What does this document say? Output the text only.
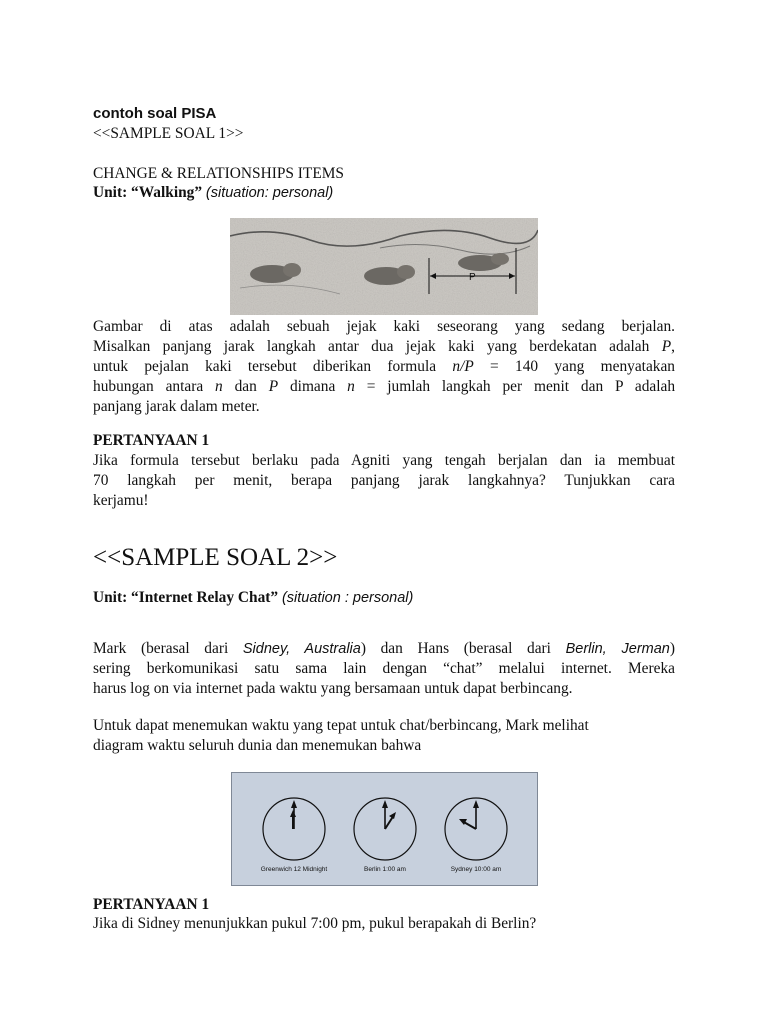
contoh soal PISA
<<SAMPLE SOAL 1>>
CHANGE & RELATIONSHIPS ITEMS
Unit: “Walking” (situation: personal)
Gambar di atas adalah sebuah jejak kaki seseorang yang sedang berjalan.
Misalkan panjang jarak langkah antar dua jejak kaki yang berdekatan adalah P,
untuk pejalan kaki tersebut diberikan formula n/P = 140 yang menyatakan
hubungan antara n dan P dimana n = jumlah langkah per menit dan P adalah
panjang jarak dalam meter.
PERTANYAAN 1
Jika formula tersebut berlaku pada Agniti yang tengah berjalan dan ia membuat
70 langkah per menit, berapa panjang jarak langkahnya? Tunjukkan cara
kerjamu!
<<SAMPLE SOAL 2>>
Unit: “Internet Relay Chat” (situation : personal)
Mark (berasal dari Sidney, Australia) dan Hans (berasal dari Berlin, Jerman)
sering berkomunikasi satu sama lain dengan “chat” melalui internet. Mereka
harus log on via internet pada waktu yang bersamaan untuk dapat berbincang.
Untuk dapat menemukan waktu yang tepat untuk chat/berbincang, Mark melihat
diagram waktu seluruh dunia dan menemukan bahwa
PERTANYAAN 1
Jika di Sidney menunjukkan pukul 7:00 pm, pukul berapakah di Berlin?
P
Greenwich 12 Midnight	Berlin 1:00 am	Sydney 10:00 am
